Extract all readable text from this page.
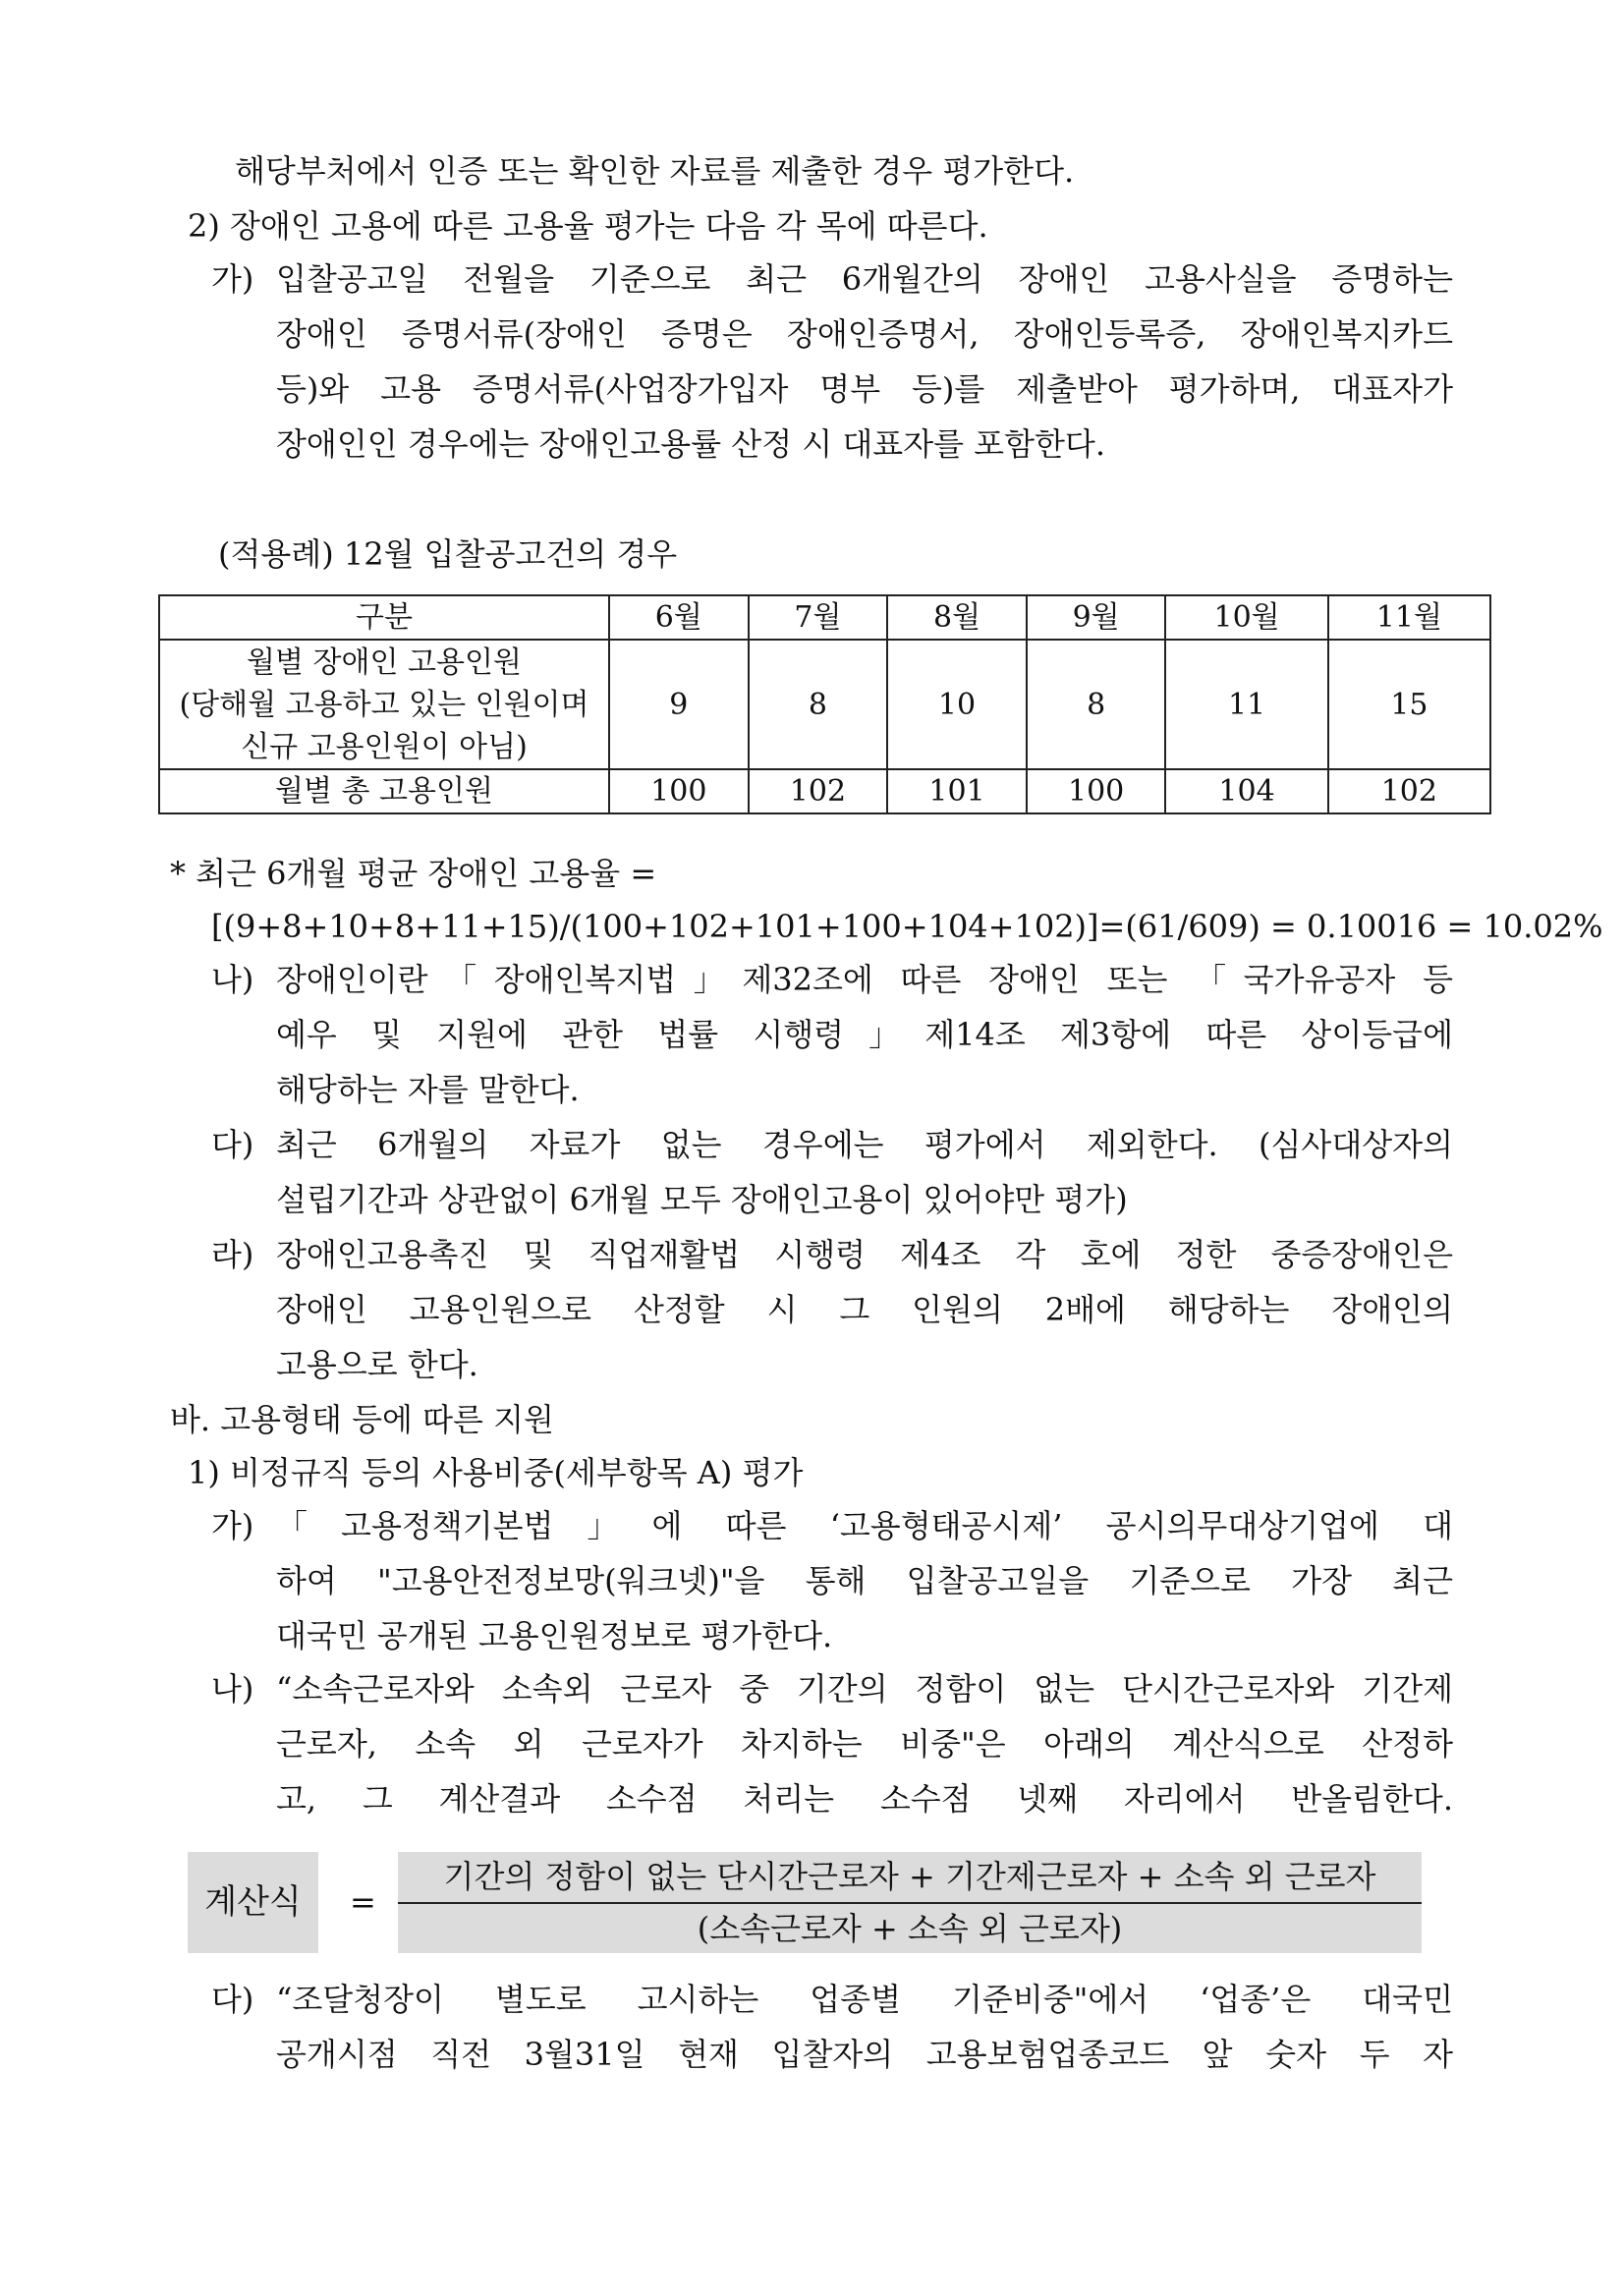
해당부처에서 인증 또는 확인한 자료를 제출한 경우 평가한다.
2) 장애인 고용에 따른 고용율 평가는 다음 각 목에 따른다.
가) 입찰공고일 전월을 기준으로 최근 6개월간의 장애인 고용사실을 증명하는
장애인 증명서류(장애인 증명은 장애인증명서, 장애인등록증, 장애인복지카드
등)와 고용 증명서류(사업장가입자 명부 등)를 제출받아 평가하며, 대표자가
장애인인 경우에는 장애인고용률 산정 시 대표자를 포함한다.
(적용례) 12월 입찰공고건의 경우
구분	6월	7월	8월	9월	10월	11월

월별 장애인 고용인원
(당해월 고용하고 있는 인원이며
신규 고용인원이 아님)	9	8	10	8	11	15
월별 총 고용인원	100	102	101	100	104	102
* 최근 6개월 평균 장애인 고용율 =
[(9+8+10+8+11+15)/(100+102+101+100+104+102)]=(61/609) = 0.10016 = 10.02%
나) 장애인이란「장애인복지법」제32조에 따른 장애인 또는 「국가유공자 등
예우 및 지원에 관한 법률 시행령」제14조 제3항에 따른 상이등급에
해당하는 자를 말한다.
다) 최근 6개월의 자료가 없는 경우에는 평가에서 제외한다. (심사대상자의
설립기간과 상관없이 6개월 모두 장애인고용이 있어야만 평가)
라) 장애인고용촉진 및 직업재활법 시행령 제4조 각 호에 정한 중증장애인은
장애인 고용인원으로 산정할 시 그 인원의 2배에 해당하는 장애인의
고용으로 한다.
바. 고용형태 등에 따른 지원
1) 비정규직 등의 사용비중(세부항목 A) 평가
가) 「고용정책기본법」에 따른 ‘고용형태공시제’ 공시의무대상기업에 대
하여 "고용안전정보망(워크넷)"을 통해 입찰공고일을 기준으로 가장 최근
대국민 공개된 고용인원정보로 평가한다.
나) “소속근로자와 소속외 근로자 중 기간의 정함이 없는 단시간근로자와 기간제
근로자, 소속 외 근로자가 차지하는 비중"은 아래의 계산식으로 산정하
고, 그 계산결과 소수점 처리는 소수점 넷째 자리에서 반올림한다.
계산식	=
기간의 정함이 없는 단시간근로자 + 기간제근로자 + 소속 외 근로자
(소속근로자 + 소속 외 근로자)
다) “조달청장이 별도로 고시하는 업종별 기준비중"에서 ‘업종’은 대국민
공개시점 직전 3월31일 현재 입찰자의 고용보험업종코드 앞 숫자 두 자
